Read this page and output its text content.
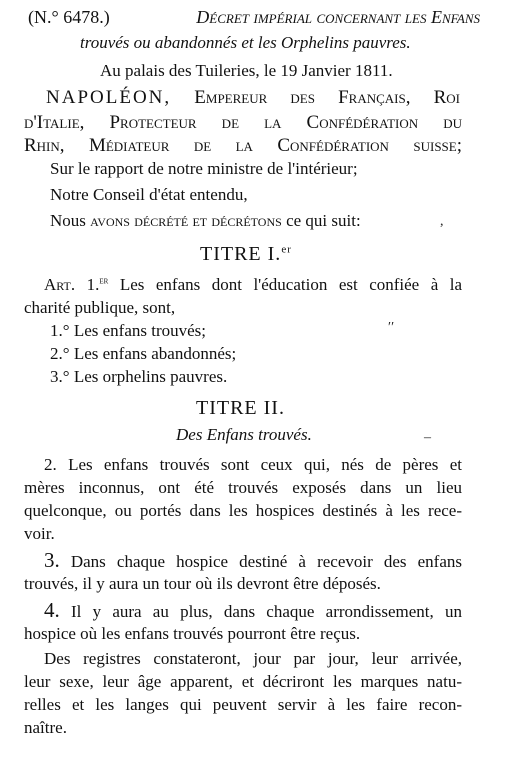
(N.° 6478.)	Décret impérial concernant les Enfans
trouvés ou abandonnés et les Orphelins pauvres.
Au palais des Tuileries, le 19 Janvier 1811.
NAPOLÉON, Empereur des Français, Roi
d'Italie, Protecteur de la Confédération du
Rhin, Médiateur de la Confédération suisse;
Sur le rapport de notre ministre de l'intérieur;
Notre Conseil d'état entendu,
Nous avons décrété et décrétons ce qui suit:
TITRE I.$^{er}$
Art. 1.$^{er}$ Les enfans dont l'éducation est confiée à la
charité publique, sont,
1.° Les enfans trouvés;
2.° Les enfans abandonnés;
3.° Les orphelins pauvres.
TITRE II.
Des Enfans trouvés.
2. Les enfans trouvés sont ceux qui, nés de pères et
mères inconnus, ont été trouvés exposés dans un lieu
quelconque, ou portés dans les hospices destinés à les rece-
voir.
3. Dans chaque hospice destiné à recevoir des enfans
trouvés, il y aura un tour où ils devront être déposés.
4. Il y aura au plus, dans chaque arrondissement, un
hospice où les enfans trouvés pourront être reçus.
Des registres constateront, jour par jour, leur arrivée,
leur sexe, leur âge apparent, et décriront les marques natu-
relles et les langes qui peuvent servir à les faire recon-
naître.
,
′′
–
